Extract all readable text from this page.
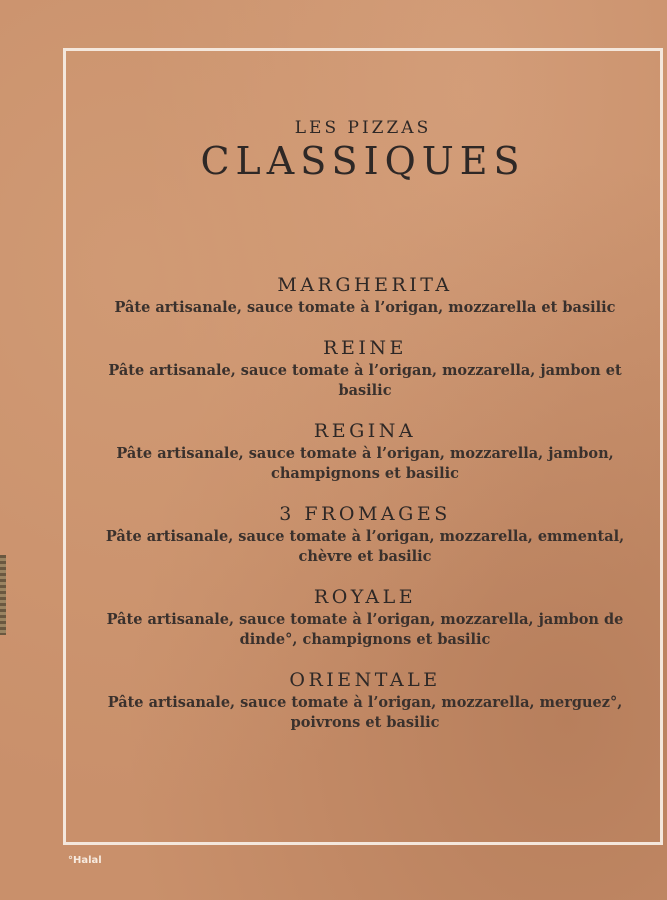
LES PIZZAS
CLASSIQUES
MARGHERITA
Pâte artisanale, sauce tomate à l’origan, mozzarella et basilic
REINE
Pâte artisanale, sauce tomate à l’origan, mozzarella, jambon et basilic
REGINA
Pâte artisanale, sauce tomate à l’origan, mozzarella, jambon, champignons et basilic
3 FROMAGES
Pâte artisanale, sauce tomate à l’origan, mozzarella, emmental, chèvre et basilic
ROYALE
Pâte artisanale, sauce tomate à l’origan, mozzarella, jambon de dinde°, champignons et basilic
ORIENTALE
Pâte artisanale, sauce tomate à l’origan, mozzarella, merguez°, poivrons et basilic
°Halal
